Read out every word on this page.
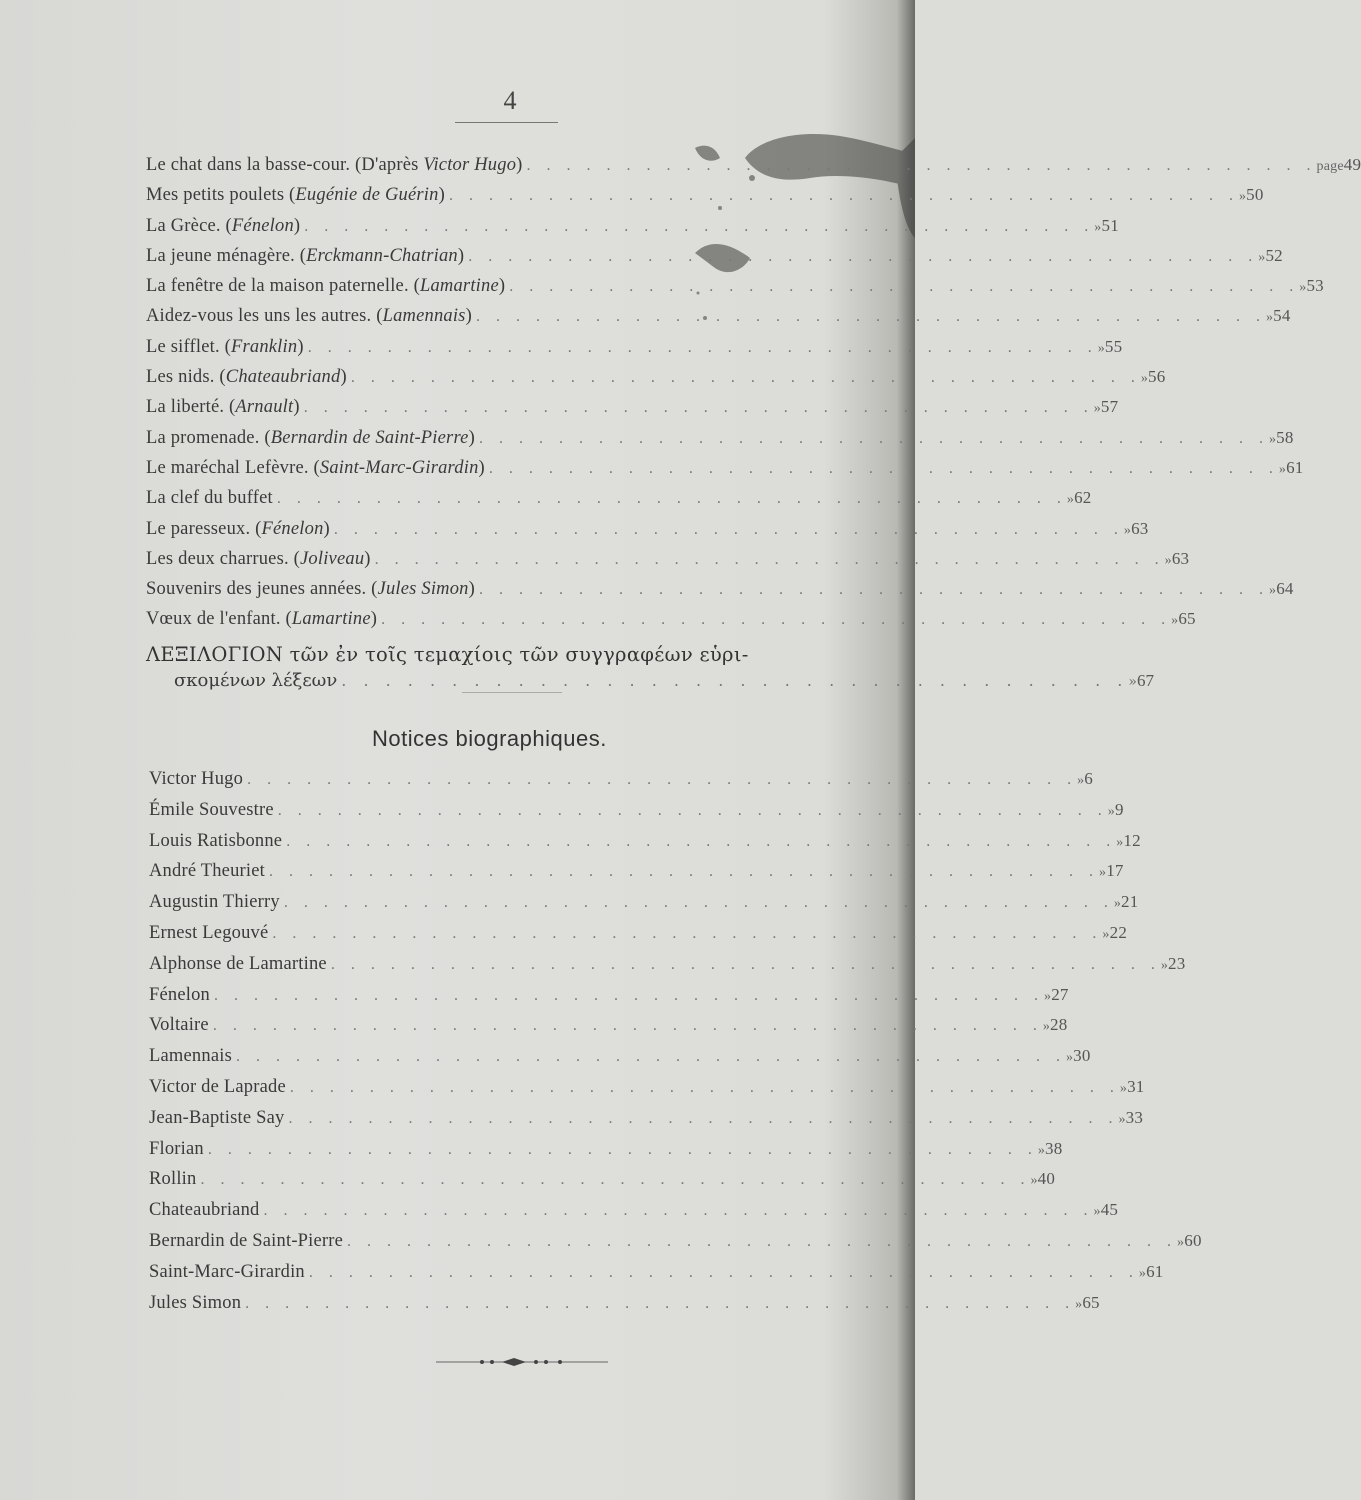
4
Le chat dans la basse-cour. (D'après Victor Hugo) . . . . . . . . . . . . . . . . . . . . . . . . . . . . . . . . . . . . . . . . page 49
Mes petits poulets (Eugénie de Guérin) . . . . . . . . . . . . . . . . . . . . . . . . . . . . . . . . . . . . . . . . » 50
La Grèce. (Fénelon) . . . . . . . . . . . . . . . . . . . . . . . . . . . . . . . . . . . . . . . . » 51
La jeune ménagère. (Erckmann-Chatrian) . . . . . . . . . . . . . . . . . . . . . . . . . . . . . . . . . . . . . . . . » 52
La fenêtre de la maison paternelle. (Lamartine) . . . . . . . . . . . . . . . . . . . . . . . . . . . . . . . . . . . . . . . . » 53
Aidez-vous les uns les autres. (Lamennais) . . . . . . . . . . . . . . . . . . . . . . . . . . . . . . . . . . . . . . . . » 54
Le sifflet. (Franklin) . . . . . . . . . . . . . . . . . . . . . . . . . . . . . . . . . . . . . . . . » 55
Les nids. (Chateaubriand) . . . . . . . . . . . . . . . . . . . . . . . . . . . . . . . . . . . . . . . . » 56
La liberté. (Arnault) . . . . . . . . . . . . . . . . . . . . . . . . . . . . . . . . . . . . . . . . » 57
La promenade. (Bernardin de Saint-Pierre) . . . . . . . . . . . . . . . . . . . . . . . . . . . . . . . . . . . . . . . . » 58
Le maréchal Lefèvre. (Saint-Marc-Girardin) . . . . . . . . . . . . . . . . . . . . . . . . . . . . . . . . . . . . . . . . » 61
La clef du buffet . . . . . . . . . . . . . . . . . . . . . . . . . . . . . . . . . . . . . . . . » 62
Le paresseux. (Fénelon) . . . . . . . . . . . . . . . . . . . . . . . . . . . . . . . . . . . . . . . . » 63
Les deux charrues. (Joliveau) . . . . . . . . . . . . . . . . . . . . . . . . . . . . . . . . . . . . . . . . » 63
Souvenirs des jeunes années. (Jules Simon) . . . . . . . . . . . . . . . . . . . . . . . . . . . . . . . . . . . . . . . . » 64
Vœux de l'enfant. (Lamartine) . . . . . . . . . . . . . . . . . . . . . . . . . . . . . . . . . . . . . . . . » 65
ΛΕΞΙΛΟΓΙΟΝ τῶν ἐν τοῖς τεμαχίοις τῶν συγγραφέων εὑρι-
σκομένων λέξεων . . . . . . . . . . . . . . . . . . . . . . . . . . . . . . . . . . . . » 67
Notices biographiques.
Victor Hugo . . . . . . . . . . . . . . . . . . . . . . . . . . . . . . . . . . . . . . . . . . » 6
Émile Souvestre . . . . . . . . . . . . . . . . . . . . . . . . . . . . . . . . . . . . . . . . . . » 9
Louis Ratisbonne . . . . . . . . . . . . . . . . . . . . . . . . . . . . . . . . . . . . . . . . . . » 12
André Theuriet . . . . . . . . . . . . . . . . . . . . . . . . . . . . . . . . . . . . . . . . . . » 17
Augustin Thierry . . . . . . . . . . . . . . . . . . . . . . . . . . . . . . . . . . . . . . . . . . » 21
Ernest Legouvé . . . . . . . . . . . . . . . . . . . . . . . . . . . . . . . . . . . . . . . . . . » 22
Alphonse de Lamartine . . . . . . . . . . . . . . . . . . . . . . . . . . . . . . . . . . . . . . . . . . » 23
Fénelon . . . . . . . . . . . . . . . . . . . . . . . . . . . . . . . . . . . . . . . . . . » 27
Voltaire . . . . . . . . . . . . . . . . . . . . . . . . . . . . . . . . . . . . . . . . . . » 28
Lamennais . . . . . . . . . . . . . . . . . . . . . . . . . . . . . . . . . . . . . . . . . . » 30
Victor de Laprade . . . . . . . . . . . . . . . . . . . . . . . . . . . . . . . . . . . . . . . . . . » 31
Jean-Baptiste Say . . . . . . . . . . . . . . . . . . . . . . . . . . . . . . . . . . . . . . . . . . » 33
Florian . . . . . . . . . . . . . . . . . . . . . . . . . . . . . . . . . . . . . . . . . . » 38
Rollin . . . . . . . . . . . . . . . . . . . . . . . . . . . . . . . . . . . . . . . . . . » 40
Chateaubriand . . . . . . . . . . . . . . . . . . . . . . . . . . . . . . . . . . . . . . . . . . » 45
Bernardin de Saint-Pierre . . . . . . . . . . . . . . . . . . . . . . . . . . . . . . . . . . . . . . . . . . » 60
Saint-Marc-Girardin . . . . . . . . . . . . . . . . . . . . . . . . . . . . . . . . . . . . . . . . . . » 61
Jules Simon . . . . . . . . . . . . . . . . . . . . . . . . . . . . . . . . . . . . . . . . . . » 65
